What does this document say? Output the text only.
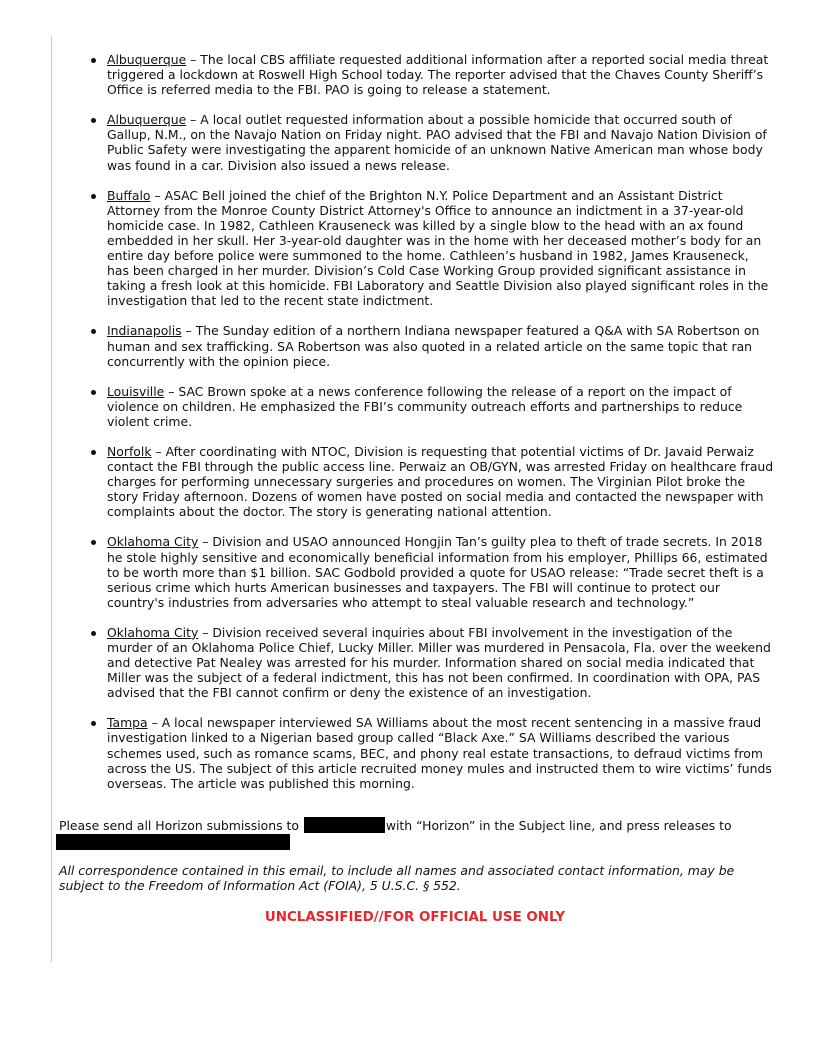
Albuquerque – The local CBS affiliate requested additional information after a reported social media threat triggered a lockdown at Roswell High School today. The reporter advised that the Chaves County Sheriff’s Office is referred media to the FBI. PAO is going to release a statement.
Albuquerque – A local outlet requested information about a possible homicide that occurred south of Gallup, N.M., on the Navajo Nation on Friday night. PAO advised that the FBI and Navajo Nation Division of Public Safety were investigating the apparent homicide of an unknown Native American man whose body was found in a car. Division also issued a news release.
Buffalo – ASAC Bell joined the chief of the Brighton N.Y. Police Department and an Assistant District Attorney from the Monroe County District Attorney's Office to announce an indictment in a 37-year-old homicide case. In 1982, Cathleen Krauseneck was killed by a single blow to the head with an ax found embedded in her skull. Her 3-year-old daughter was in the home with her deceased mother’s body for an entire day before police were summoned to the home. Cathleen’s husband in 1982, James Krauseneck, has been charged in her murder. Division’s Cold Case Working Group provided significant assistance in taking a fresh look at this homicide. FBI Laboratory and Seattle Division also played significant roles in the investigation that led to the recent state indictment.
Indianapolis – The Sunday edition of a northern Indiana newspaper featured a Q&A with SA Robertson on human and sex trafficking. SA Robertson was also quoted in a related article on the same topic that ran concurrently with the opinion piece.
Louisville – SAC Brown spoke at a news conference following the release of a report on the impact of violence on children. He emphasized the FBI’s community outreach efforts and partnerships to reduce violent crime.
Norfolk – After coordinating with NTOC, Division is requesting that potential victims of Dr. Javaid Perwaiz contact the FBI through the public access line. Perwaiz an OB/GYN, was arrested Friday on healthcare fraud charges for performing unnecessary surgeries and procedures on women. The Virginian Pilot broke the story Friday afternoon. Dozens of women have posted on social media and contacted the newspaper with complaints about the doctor. The story is generating national attention.
Oklahoma City – Division and USAO announced Hongjin Tan’s guilty plea to theft of trade secrets. In 2018 he stole highly sensitive and economically beneficial information from his employer, Phillips 66, estimated to be worth more than $1 billion. SAC Godbold provided a quote for USAO release: “Trade secret theft is a serious crime which hurts American businesses and taxpayers. The FBI will continue to protect our country's industries from adversaries who attempt to steal valuable research and technology.”
Oklahoma City – Division received several inquiries about FBI involvement in the investigation of the murder of an Oklahoma Police Chief, Lucky Miller. Miller was murdered in Pensacola, Fla. over the weekend and detective Pat Nealey was arrested for his murder. Information shared on social media indicated that Miller was the subject of a federal indictment, this has not been confirmed. In coordination with OPA, PAS advised that the FBI cannot confirm or deny the existence of an investigation.
Tampa – A local newspaper interviewed SA Williams about the most recent sentencing in a massive fraud investigation linked to a Nigerian based group called “Black Axe.” SA Williams described the various schemes used, such as romance scams, BEC, and phony real estate transactions, to defraud victims from across the US. The subject of this article recruited money mules and instructed them to wire victims’ funds overseas. The article was published this morning.
Please send all Horizon submissions to	with “Horizon” in the Subject line, and press releases to
All correspondence contained in this email, to include all names and associated contact information, may be subject to the Freedom of Information Act (FOIA), 5 U.S.C. § 552.
UNCLASSIFIED//FOR OFFICIAL USE ONLY
